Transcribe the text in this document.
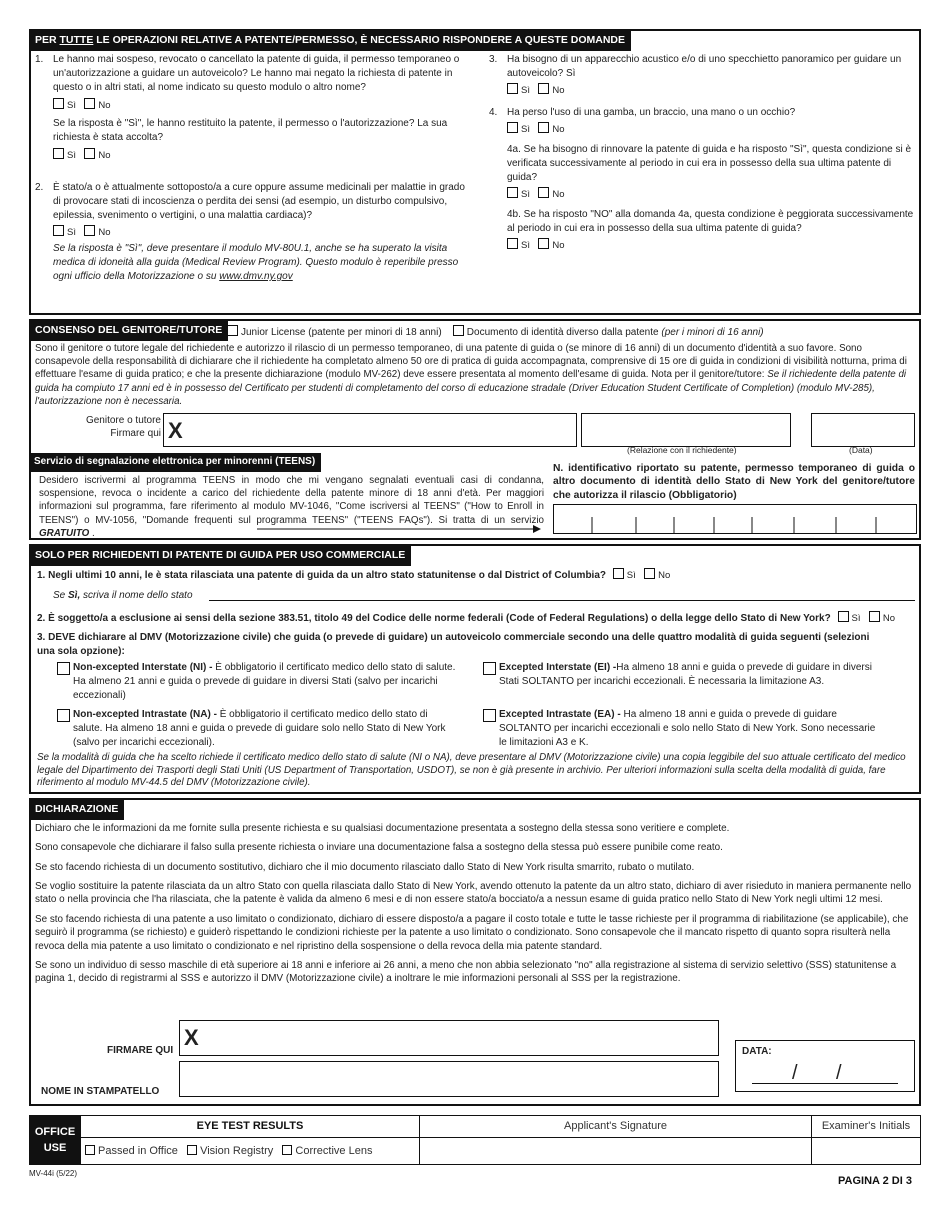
PER TUTTE LE OPERAZIONI RELATIVE A PATENTE/PERMESSO, È NECESSARIO RISPONDERE A QUESTE DOMANDE
1. Le hanno mai sospeso, revocato o cancellato la patente di guida, il permesso temporaneo o un'autorizzazione a guidare un autoveicolo? Le hanno mai negato la richiesta di patente in questo o in altri stati, al nome indicato su questo modulo o altro nome?
Sì No
Se la risposta è "Sì", le hanno restituito la patente, il permesso o l'autorizzazione? La sua richiesta è stata accolta?
Sì No
2. È stato/a o è attualmente sottoposto/a a cure oppure assume medicinali per malattie in grado di provocare stati di incoscienza o perdita dei sensi (ad esempio, un disturbo compulsivo, epilessia, svenimento o vertigini, o una malattia cardiaca)?
Sì No
Se la risposta è "Sì", deve presentare il modulo MV-80U.1, anche se ha superato la visita medica di idoneità alla guida (Medical Review Program). Questo modulo è reperibile presso ogni ufficio della Motorizzazione o su www.dmv.ny.gov
3. Ha bisogno di un apparecchio acustico e/o di uno specchietto panoramico per guidare un autoveicolo? Sì
Sì No
4. Ha perso l'uso di una gamba, un braccio, una mano o un occhio?
Sì No
4a. Se ha bisogno di rinnovare la patente di guida e ha risposto "Sì", questa condizione si è verificata successivamente al periodo in cui era in possesso della sua ultima patente di guida?
Sì No
4b. Se ha risposto "NO" alla domanda 4a, questa condizione è peggiorata successivamente al periodo in cui era in possesso della sua ultima patente di guida?
Sì No
CONSENSO DEL GENITORE/TUTORE	Junior License (patente per minori di 18 anni)	Documento di identità diverso dalla patente (per i minori di 16 anni)
Sono il genitore o tutore legale del richiedente e autorizzo il rilascio di un permesso temporaneo, di una patente di guida o (se minore di 16 anni) di un documento d'identità a suo favore. Sono consapevole della responsabilità di dichiarare che il richiedente ha completato almeno 50 ore di pratica di guida accompagnata, comprensive di 15 ore di guida in condizioni di visibilità notturna, prima di effettuare l'esame di guida pratico; e che la presente dichiarazione (modulo MV-262) deve essere presentata al momento dell'esame di guida. Nota per il genitore/tutore: Se il richiedente della patente di guida ha compiuto 17 anni ed è in possesso del Certificato per studenti di completamento del corso di educazione stradale (Driver Education Student Certificate of Completion) (modulo MV-285), l'autorizzazione non è necessaria.
Genitore o tutore
Firmare qui X
(Relazione con il richiedente)	(Data)
Servizio di segnalazione elettronica per minorenni (TEENS)
Desidero iscrivermi al programma TEENS in modo che mi vengano segnalati eventuali casi di condanna, sospensione, revoca o incidente a carico del richiedente della patente minore di 18 anni d'età. Per maggiori informazioni sul programma, fare riferimento al modulo MV-1046, "Come iscriversi al TEENS" ("How to Enroll in TEENS") o MV-1056, "Domande frequenti sul programma TEENS" ("TEENS FAQs"). Si tratta di un servizio GRATUITO .
N. identificativo riportato su patente, permesso temporaneo di guida o altro documento di identità dello Stato di New York del genitore/tutore che autorizza il rilascio (Obbligatorio)
SOLO PER RICHIEDENTI DI PATENTE DI GUIDA PER USO COMMERCIALE
1. Negli ultimi 10 anni, le è stata rilasciata una patente di guida da un altro stato statunitense o dal District of Columbia? Sì No
Se Sì, scriva il nome dello stato
2. È soggetto/a a esclusione ai sensi della sezione 383.51, titolo 49 del Codice delle norme federali (Code of Federal Regulations) o della legge dello Stato di New York? Sì No
3. DEVE dichiarare al DMV (Motorizzazione civile) che guida (o prevede di guidare) un autoveicolo commerciale secondo una delle quattro modalità di guida seguenti (selezioni una sola opzione):
Non-excepted Interstate (NI) - È obbligatorio il certificato medico dello stato di salute. Ha almeno 21 anni e guida o prevede di guidare in diversi Stati (salvo per incarichi eccezionali)
Non-excepted Intrastate (NA) - È obbligatorio il certificato medico dello stato di salute. Ha almeno 18 anni e guida o prevede di guidare solo nello Stato di New York (salvo per incarichi eccezionali).
Excepted Interstate (EI) -Ha almeno 18 anni e guida o prevede di guidare in diversi Stati SOLTANTO per incarichi eccezionali. È necessaria la limitazione A3.
Excepted Intrastate (EA) - Ha almeno 18 anni e guida o prevede di guidare SOLTANTO per incarichi eccezionali e solo nello Stato di New York. Sono necessarie le limitazioni A3 e K.
Se la modalità di guida che ha scelto richiede il certificato medico dello stato di salute (NI o NA), deve presentare al DMV (Motorizzazione civile) una copia leggibile del suo attuale certificato del medico legale del Dipartimento dei Trasporti degli Stati Uniti (US Department of Transportation, USDOT), se non è già presente in archivio. Per ulteriori informazioni sulla scelta della modalità di guida, fare riferimento al modulo MV-44.5 del DMV (Motorizzazione civile).
DICHIARAZIONE

Dichiaro che le informazioni da me fornite sulla presente richiesta e su qualsiasi documentazione presentata a sostegno della stessa sono veritiere e complete.

Sono consapevole che dichiarare il falso sulla presente richiesta o inviare una documentazione falsa a sostegno della stessa può essere punibile come reato.

Se sto facendo richiesta di un documento sostitutivo, dichiaro che il mio documento rilasciato dallo Stato di New York risulta smarrito, rubato o mutilato.

Se voglio sostituire la patente rilasciata da un altro Stato con quella rilasciata dallo Stato di New York, avendo ottenuto la patente da un altro stato, dichiaro di aver risieduto in maniera permanente nello stato o nella provincia che l'ha rilasciata, che la patente è valida da almeno 6 mesi e di non essere stato/a bocciato/a a nessun esame di guida pratico nello Stato di New York negli ultimi 12 mesi.

Se sto facendo richiesta di una patente a uso limitato o condizionato, dichiaro di essere disposto/a a pagare il costo totale e tutte le tasse richieste per il programma di riabilitazione (se applicabile), che seguirò il programma (se richiesto) e guiderò rispettando le condizioni richieste per la patente a uso limitato o condizionato. Sono consapevole che il mancato rispetto di quanto sopra risulterà nella revoca della mia patente a uso limitato o condizionato e nel ripristino della sospensione o della revoca della mia patente standard.

Se sono un individuo di sesso maschile di età superiore ai 18 anni e inferiore ai 26 anni, a meno che non abbia selezionato "no" alla registrazione al sistema di servizio selettivo (SSS) statunitense a pagina 1, decido di registrarmi al SSS e autorizzo il DMV (Motorizzazione civile) a inoltrare le mie informazioni personali al SSS per la registrazione.

FIRMARE QUI
X
NOME IN STAMPATELLO
DATA:
/ /
OFFICE
USE	EYE TEST RESULTS	Applicant's Signature	Examiner's Initials
	Passed in Office Vision Registry Corrective Lens		
MV-44i (5/22)
PAGINA 2 DI 3
